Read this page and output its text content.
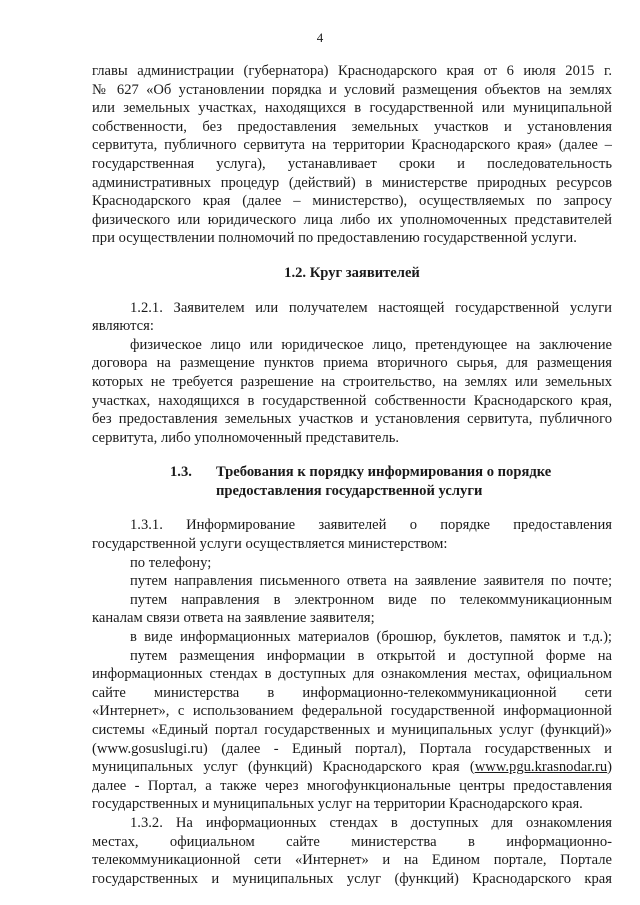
4
главы администрации (губернатора) Краснодарского края от 6 июля 2015 г.
№ 627 «Об установлении порядка и условий размещения объектов на землях
или земельных участках, находящихся в государственной или муниципальной
собственности, без предоставления земельных участков и установления
сервитута, публичного сервитута на территории Краснодарского края» (далее –
государственная услуга), устанавливает сроки и последовательность
административных процедур (действий) в министерстве природных ресурсов
Краснодарского края (далее – министерство), осуществляемых по запросу
физического или юридического лица либо их уполномоченных представителей
при осуществлении полномочий по предоставлению государственной услуги.
1.2. Круг заявителей
1.2.1. Заявителем или получателем настоящей государственной услуги
являются:
физическое лицо или юридическое лицо, претендующее на заключение
договора на размещение пунктов приема вторичного сырья, для размещения
которых не требуется разрешение на строительство, на землях или земельных
участках, находящихся в государственной собственности Краснодарского края,
без предоставления земельных участков и установления сервитута, публичного
сервитута, либо уполномоченный представитель.
1.3. Требования к порядку информирования о порядке
предоставления государственной услуги
1.3.1. Информирование заявителей о порядке предоставления
государственной услуги осуществляется министерством:
по телефону;
путем направления письменного ответа на заявление заявителя по почте;
путем направления в электронном виде по телекоммуникационным
каналам связи ответа на заявление заявителя;
в виде информационных материалов (брошюр, буклетов, памяток и т.д.);
путем размещения информации в открытой и доступной форме на
информационных стендах в доступных для ознакомления местах, официальном
сайте министерства в информационно-телекоммуникационной сети
«Интернет», с использованием федеральной государственной информационной
системы «Единый портал государственных и муниципальных услуг (функций)»
(www.gosuslugi.ru) (далее - Единый портал), Портала государственных и
муниципальных услуг (функций) Краснодарского края (www.pgu.krasnodar.ru)
далее - Портал, а также через многофункциональные центры предоставления
государственных и муниципальных услуг на территории Краснодарского края.
1.3.2. На информационных стендах в доступных для ознакомления
местах, официальном сайте министерства в информационно-
телекоммуникационной сети «Интернет» и на Едином портале, Портале
государственных и муниципальных услуг (функций) Краснодарского края
